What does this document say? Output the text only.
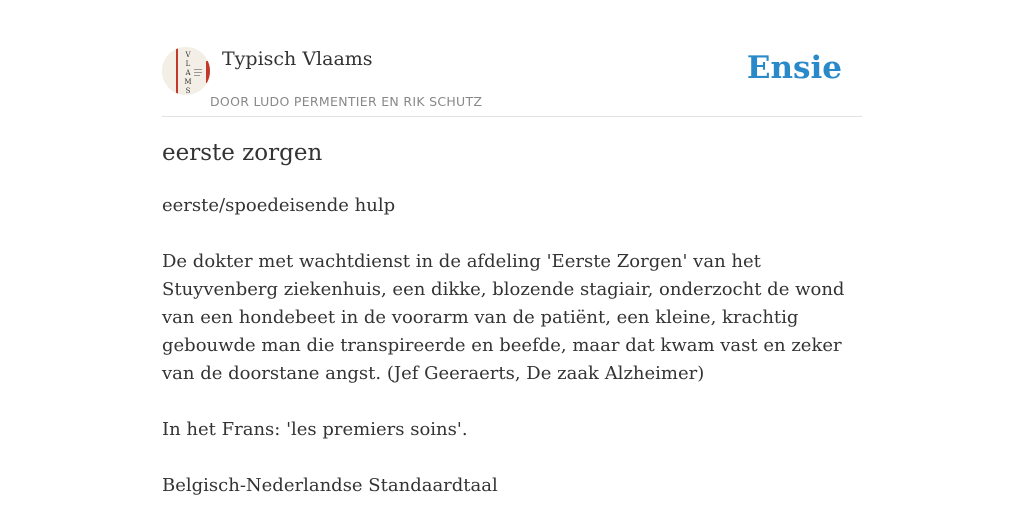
V
L
A
M
S
Typisch Vlaams
DOOR LUDO PERMENTIER EN RIK SCHUTZ
Ensie
eerste zorgen

eerste/spoedeisende hulp

De dokter met wachtdienst in de afdeling 'Eerste Zorgen' van het Stuyvenberg ziekenhuis, een dikke, blozende stagiair, onderzocht de wond van een hondebeet in de voorarm van de patiënt, een kleine, krachtig gebouwde man die transpireerde en beefde, maar dat kwam vast en zeker van de doorstane angst. (Jef Geeraerts, De zaak Alzheimer)

In het Frans: 'les premiers soins'.

Belgisch-Nederlandse Standaardtaal
